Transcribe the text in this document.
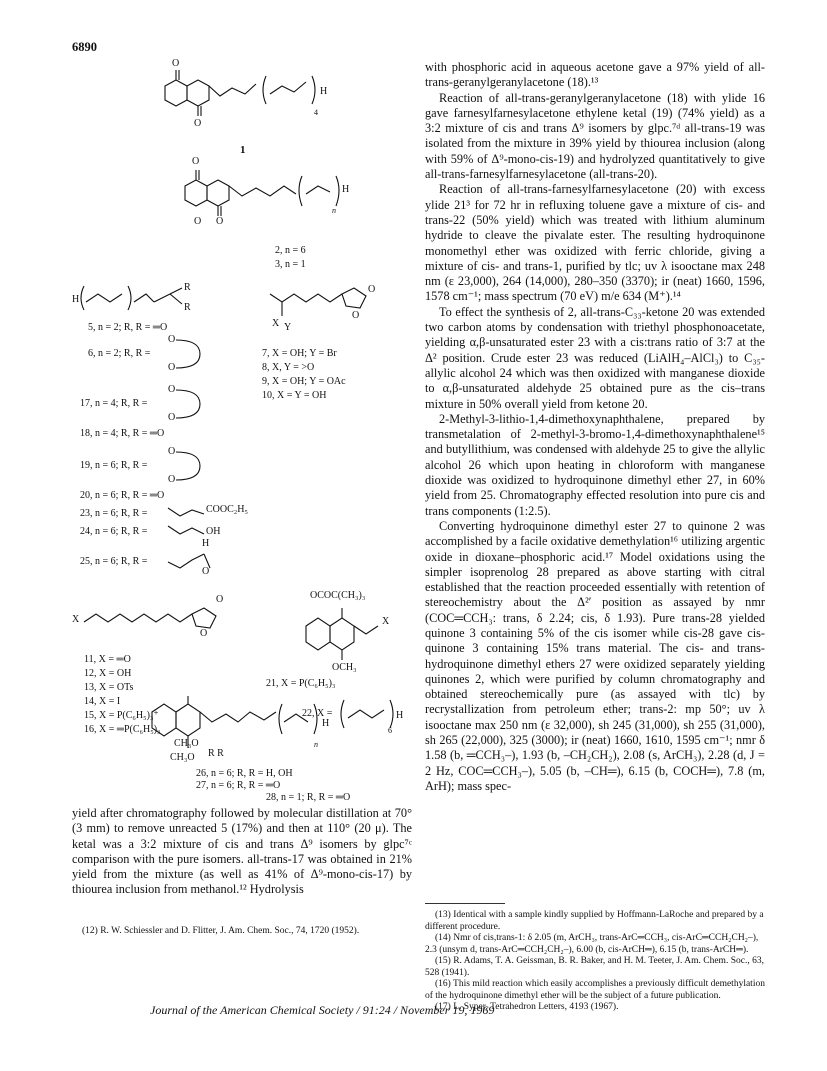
6890
O
O
H
4
1
O
O
O
H
n
2, n = 6
3, n = 1
H
R
R
X Y
O
O
5, n = 2; R, R = ═O
O
6, n = 2; R, R =
O
7, X = OH; Y = Br
8, X, Y = >O
9, X = OH; Y = OAc
10, X = Y = OH
O
17, n = 4; R, R =
O
18, n = 4; R, R = ═O
O
19, n = 6; R, R =
O
20, n = 6; R, R = ═O
23, n = 6; R, R =	COOC₂H₅
24, n = 6; R, R =	OH
H
25, n = 6; R, R =
O
X
O
O
11, X = ═O
12, X = OH
13, X = OTs
14, X = I
15, X = P(C₆H₅)₃⁺
16, X = ═P(C₆H₅)₃
OCOC(CH₃)₃
X
OCH₃
21, X = P(C₆H₅)₃
22, X =	H
6
CH₃O
CH₃O R R
H
n
26, n = 6; R, R = H, OH
27, n = 6; R, R = ═O

yield after chromatography followed by molecular distillation at 70° (3 mm) to remove unreacted 5 (17%) and then at 110° (20 μ). The ketal was a 3:2 mixture of cis and trans Δ⁹ isomers by glpc⁷ᶜ comparison with the pure isomers. all-trans-17 was obtained in 21% yield from the mixture (as well as 41% of Δ⁹-mono-cis-17) by thiourea inclusion from methanol.¹² Hydrolysis

28, n = 1; R, R = ═O
(12) R. W. Schiessler and D. Flitter, J. Am. Chem. Soc., 74, 1720 (1952).

with phosphoric acid in aqueous acetone gave a 97% yield of all-trans-geranylgeranylacetone (18).¹³

Reaction of all-trans-geranylgeranylacetone (18) with ylide 16 gave farnesylfarnesylacetone ethylene ketal (19) (74% yield) as a 3:2 mixture of cis and trans Δ⁹ isomers by glpc.⁷ᵈ all-trans-19 was isolated from the mixture in 39% yield by thiourea inclusion (along with 59% of Δ⁹-mono-cis-19) and hydrolyzed quantitatively to give all-trans-farnesylfarnesylacetone (all-trans-20).

Reaction of all-trans-farnesylfarnesylacetone (20) with excess ylide 21³ for 72 hr in refluxing toluene gave a mixture of cis- and trans-22 (50% yield) which was treated with lithium aluminum hydride to cleave the pivalate ester. The resulting hydroquinone monomethyl ether was oxidized with ferric chloride, giving a mixture of cis- and trans-1, purified by tlc; uv λ isooctane max 248 nm (ε 23,000), 264 (14,000), 280–350 (3370); ir (neat) 1660, 1596, 1578 cm⁻¹; mass spectrum (70 eV) m/e 634 (M⁺).¹⁴

To effect the synthesis of 2, all-trans-C₃₃-ketone 20 was extended two carbon atoms by condensation with triethyl phosphonoacetate, yielding α,β-unsaturated ester 23 with a cis:trans ratio of 3:7 at the Δ² position. Crude ester 23 was reduced (LiAlH₄–AlCl₃) to C₃₅-allylic alcohol 24 which was then oxidized with manganese dioxide to α,β-unsaturated aldehyde 25 obtained pure as the cis–trans mixture in 50% overall yield from ketone 20.

2-Methyl-3-lithio-1,4-dimethoxynaphthalene, prepared by transmetalation of 2-methyl-3-bromo-1,4-dimethoxynaphthalene¹⁵ and butyllithium, was condensed with aldehyde 25 to give the allylic alcohol 26 which upon heating in chloroform with manganese dioxide was oxidized to hydroquinone dimethyl ether 27, in 60% yield from 25. Chromatography effected resolution into pure cis and trans components (1:2.5).

Converting hydroquinone dimethyl ester 27 to quinone 2 was accomplished by a facile oxidative demethylation¹⁶ utilizing argentic oxide in dioxane–phosphoric acid.¹⁷ Model oxidations using the simpler isoprenolog 28 prepared as above starting with citral established that the reaction proceeded essentially with retention of stereochemistry about the Δ²′ position as assayed by nmr (COC═CCH₃: trans, δ 2.24; cis, δ 1.93). Pure trans-28 yielded quinone 3 containing 5% of the cis isomer while cis-28 gave cis-quinone 3 containing 15% trans material. The cis- and trans-hydroquinone dimethyl ethers 27 were oxidized separately yielding quinones 2, which were purified by column chromatography and obtained stereochemically pure (as assayed with tlc) by recrystallization from petroleum ether; trans-2: mp 50°; uv λ isooctane max 250 nm (ε 32,000), sh 245 (31,000), sh 255 (31,000), sh 265 (22,000), 325 (3000); ir (neat) 1660, 1610, 1595 cm⁻¹; nmr δ 1.58 (b, ═CCH₃–), 1.93 (b, –CH₂CH₂), 2.08 (s, ArCH₃), 2.28 (d, J = 2 Hz, COC═CCH₃–), 5.05 (b, –CH═), 6.15 (b, COCH═), 7.8 (m, ArH); mass spec-

(13) Identical with a sample kindly supplied by Hoffmann-LaRoche and prepared by a different procedure.
(14) Nmr of cis,trans-1: δ 2.05 (m, ArCH₃, trans-ArC═CCH₃, cis-ArC═CCH₂CH₂–), 2.3 (unsym d, trans-ArC═CCH₂CH₂–), 6.00 (b, cis-ArCH═), 6.15 (b, trans-ArCH═).
(15) R. Adams, T. A. Geissman, B. R. Baker, and H. M. Teeter, J. Am. Chem. Soc., 63, 528 (1941).
(16) This mild reaction which easily accomplishes a previously difficult demethylation of the hydroquinone dimethyl ether will be the subject of a future publication.
(17) L. Syper, Tetrahedron Letters, 4193 (1967).
Journal of the American Chemical Society / 91:24 / November 19, 1969
